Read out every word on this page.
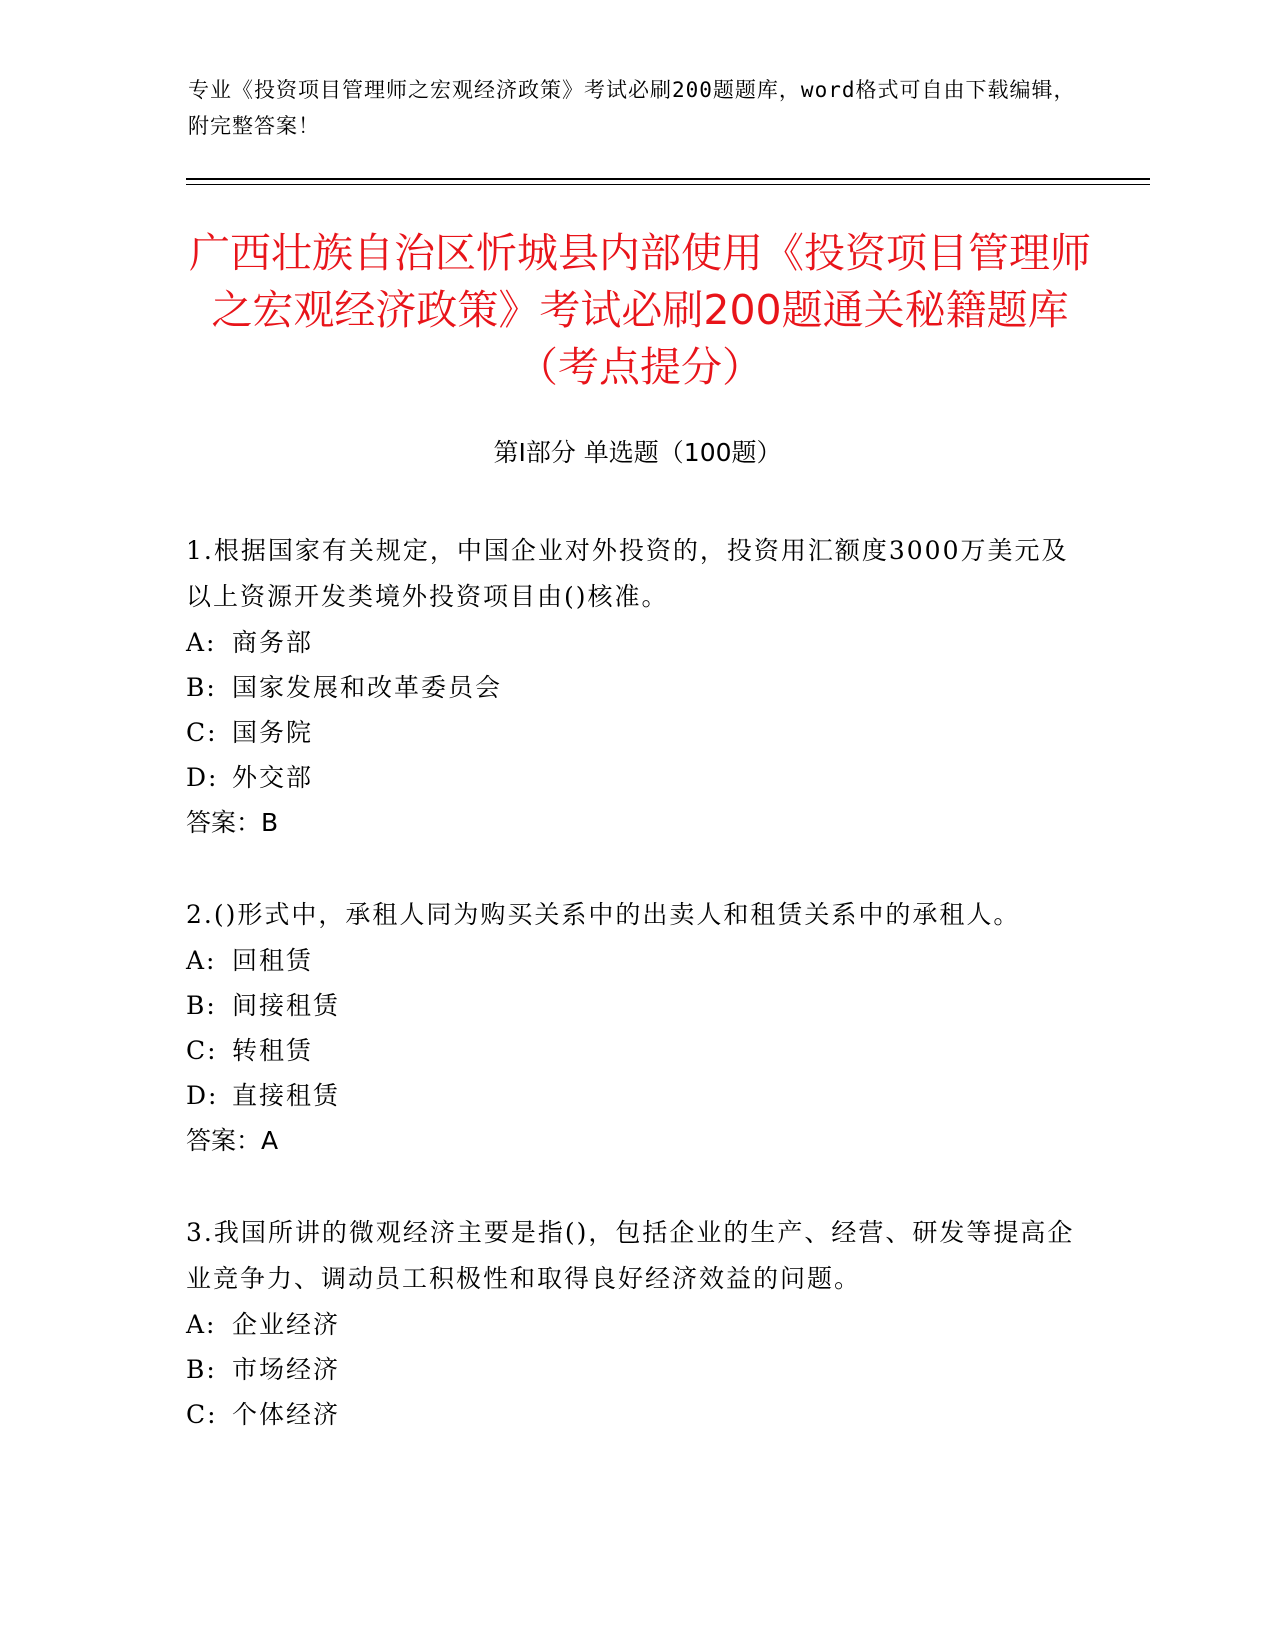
专业《投资项目管理师之宏观经济政策》考试必刷200题题库，word格式可自由下载编辑，附完整答案！
广西壮族自治区忻城县内部使用《投资项目管理师之宏观经济政策》考试必刷200题通关秘籍题库（考点提分）
第Ⅰ部分 单选题（100题）

1.根据国家有关规定，中国企业对外投资的，投资用汇额度3000万美元及以上资源开发类境外投资项目由()核准。

A: 商务部
B: 国家发展和改革委员会
C: 国务院
D: 外交部
答案：B

2.()形式中，承租人同为购买关系中的出卖人和租赁关系中的承租人。

A: 回租赁
B: 间接租赁
C: 转租赁
D: 直接租赁
答案：A

3.我国所讲的微观经济主要是指()，包括企业的生产、经营、研发等提高企业竞争力、调动员工积极性和取得良好经济效益的问题。

A: 企业经济
B: 市场经济
C: 个体经济
